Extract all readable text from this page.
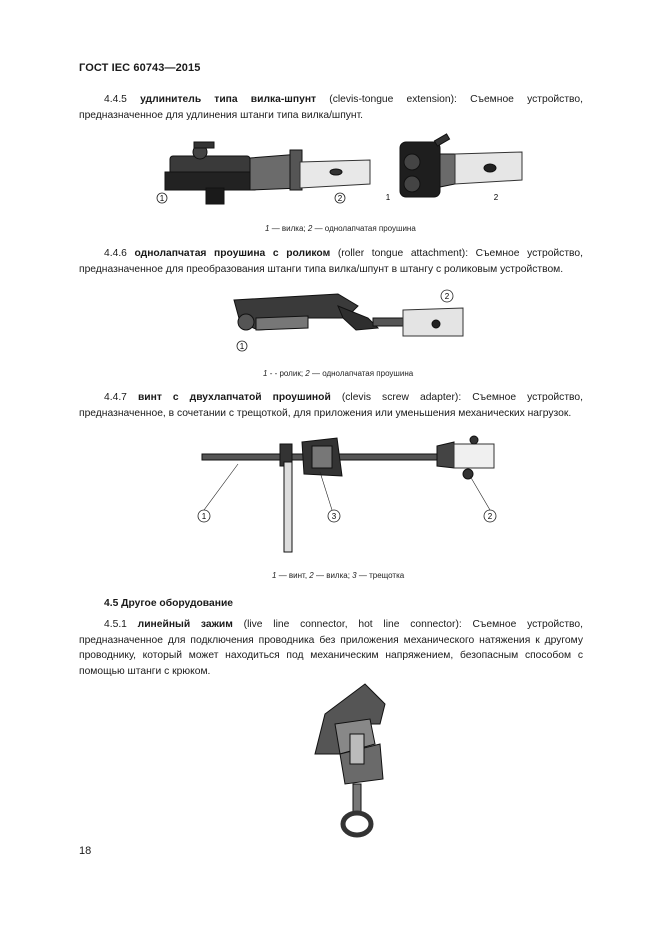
ГОСТ IEC 60743—2015
4.4.5 удлинитель типа вилка-шпунт (clevis-tongue extension): Съемное устройство, предназначенное для удлинения штанги типа вилка/шпунт.
1	2	1	2
1 — вилка; 2 — однолапчатая проушина
4.4.6 однолапчатая проушина с роликом (roller tongue attachment): Съемное устройство, предназначенное для преобразования штанги типа вилка/шпунт в штангу с роликовым устройством.
1
2
1 - - ролик; 2 — однолапчатая проушина
4.4.7 винт с двухлапчатой проушиной (clevis screw adapter): Съемное устройство, предназначенное, в сочетании с трещоткой, для приложения или уменьшения механических нагрузок.
1	3	2
1 — винт, 2 — вилка; 3 — трещотка
4.5 Другое оборудование
4.5.1 линейный зажим (live line connector, hot line connector): Съемное устройство, предназначенное для подключения проводника без приложения механического натяжения к другому проводнику, который может находиться под механическим напряжением, безопасным способом с помощью штанги с крюком.
18
